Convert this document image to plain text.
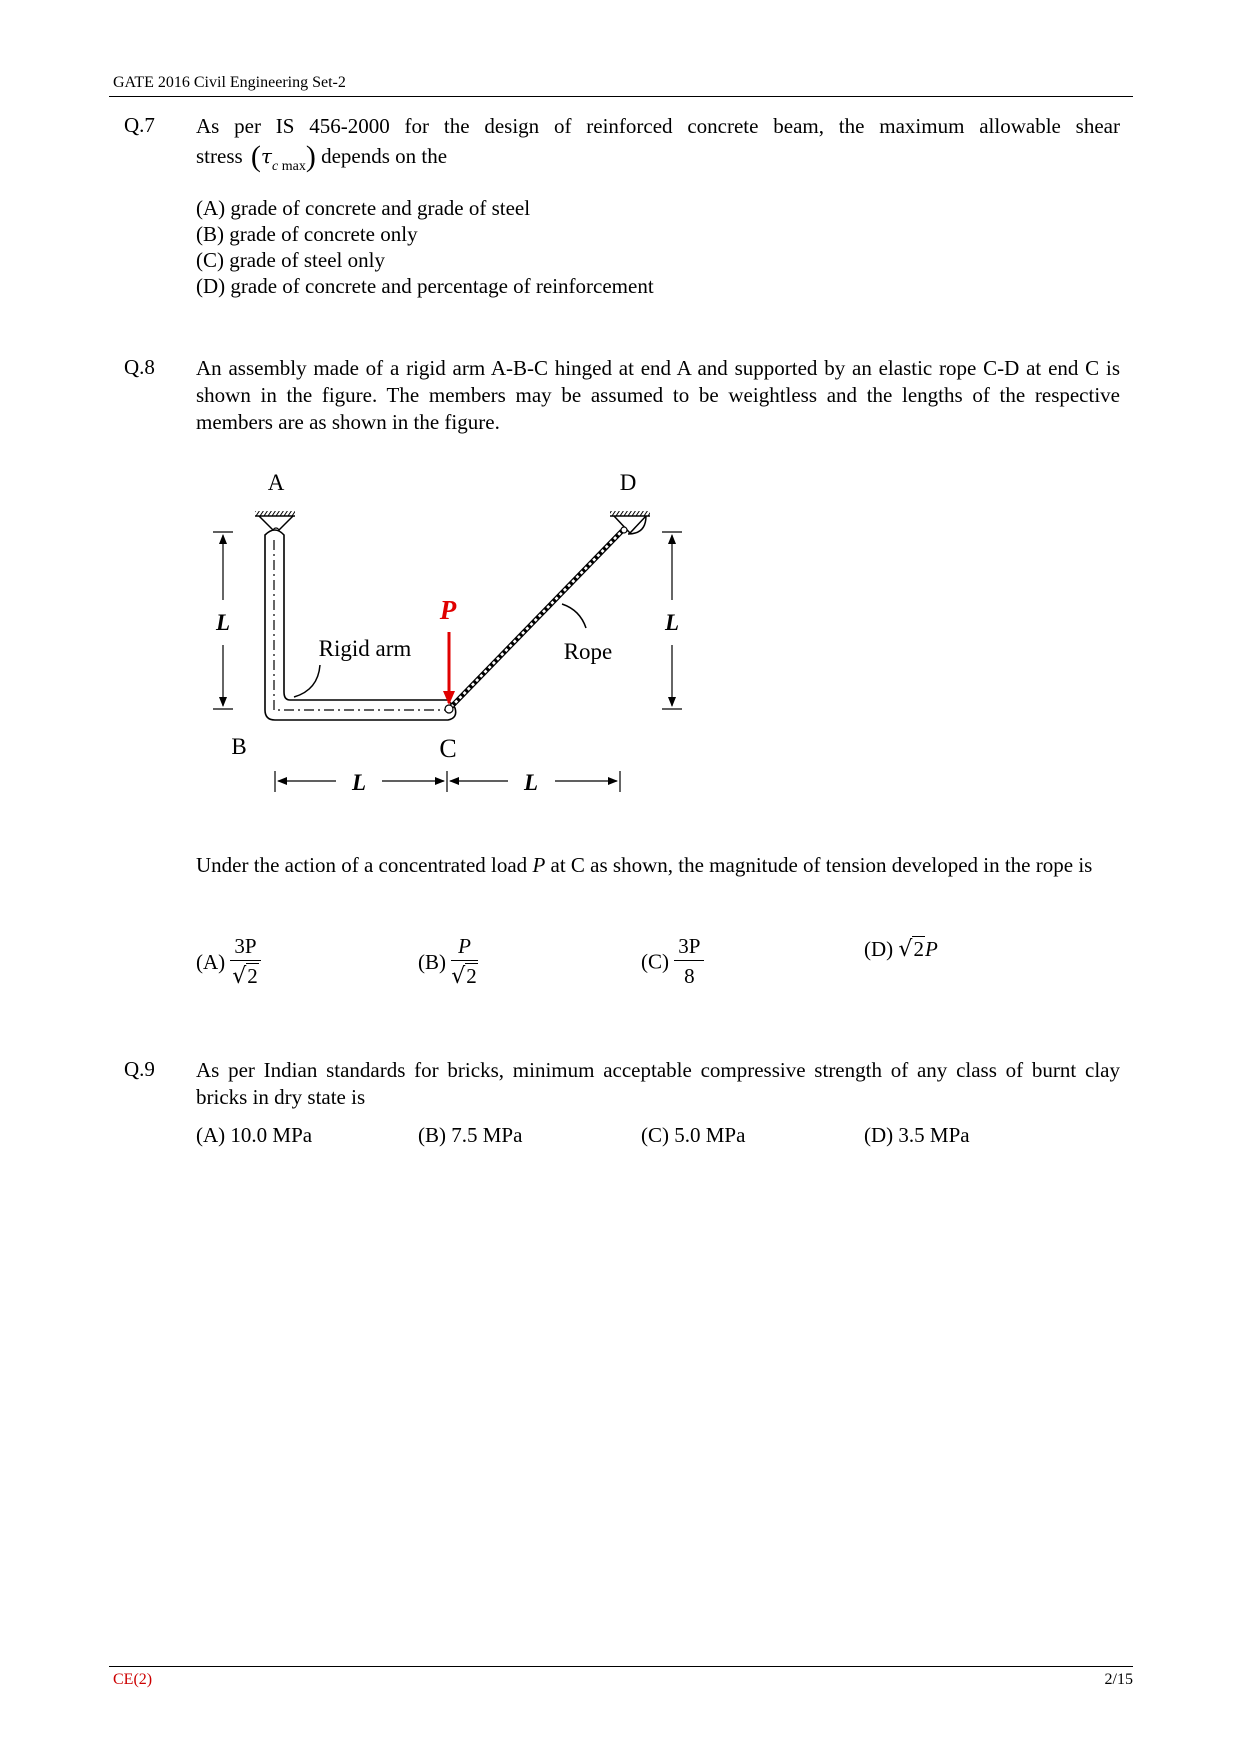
GATE 2016 Civil Engineering Set-2
Q.7 As per IS 456-2000 for the design of reinforced concrete beam, the maximum allowable shear
stress $(\tau_{c max})$ depends on the
(A) grade of concrete and grade of steel
(B) grade of concrete only
(C) grade of steel only
(D) grade of concrete and percentage of reinforcement
Q.8 An assembly made of a rigid arm A-B-C hinged at end A and supported by an elastic rope C-D at end C is shown in the figure. The members may be assumed to be weightless and the lengths of the respective members are as shown in the figure.
A	D
B	C
P
Rigid arm	Rope
L	L
L	L
Under the action of a concentrated load P at C as shown, the magnitude of tension developed in the rope is
$(A) \frac{3P}{√2}$	$(B) \frac{P}{√2}$	$(C) \frac{3P}{8}$	(D) √2P
Q.9 As per Indian standards for bricks, minimum acceptable compressive strength of any class of burnt clay bricks in dry state is
(A) 10.0 MPa	(B) 7.5 MPa	(C) 5.0 MPa	(D) 3.5 MPa
CE(2)	2/15
